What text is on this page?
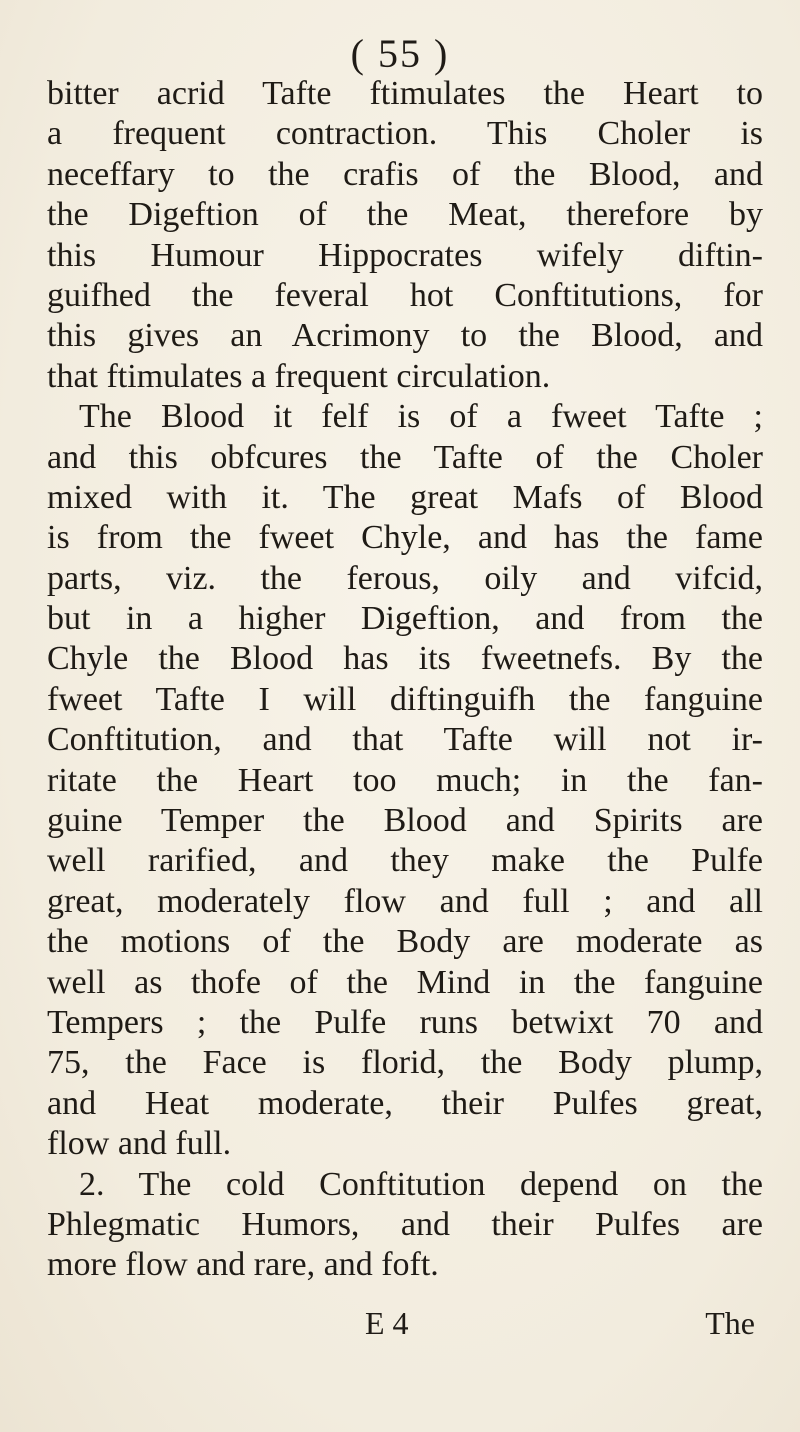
( 55 )
bitter acrid Tafte ftimulates the Heart to
a frequent contraction. This Choler is
neceffary to the crafis of the Blood, and
the Digeftion of the Meat, therefore by
this Humour Hippocrates wifely diftin-
guifhed the feveral hot Conftitutions, for
this gives an Acrimony to the Blood, and
that ftimulates a frequent circulation.
The Blood it felf is of a fweet Tafte ;
and this obfcures the Tafte of the Choler
mixed with it. The great Mafs of Blood
is from the fweet Chyle, and has the fame
parts, viz. the ferous, oily and vifcid,
but in a higher Digeftion, and from the
Chyle the Blood has its fweetnefs. By the
fweet Tafte I will diftinguifh the fanguine
Conftitution, and that Tafte will not ir-
ritate the Heart too much; in the fan-
guine Temper the Blood and Spirits are
well rarified, and they make the Pulfe
great, moderately flow and full ; and all
the motions of the Body are moderate as
well as thofe of the Mind in the fanguine
Tempers ; the Pulfe runs betwixt 70 and
75, the Face is florid, the Body plump,
and Heat moderate, their Pulfes great,
flow and full.
2. The cold Conftitution depend on the
Phlegmatic Humors, and their Pulfes are
more flow and rare, and foft.
E 4	The
